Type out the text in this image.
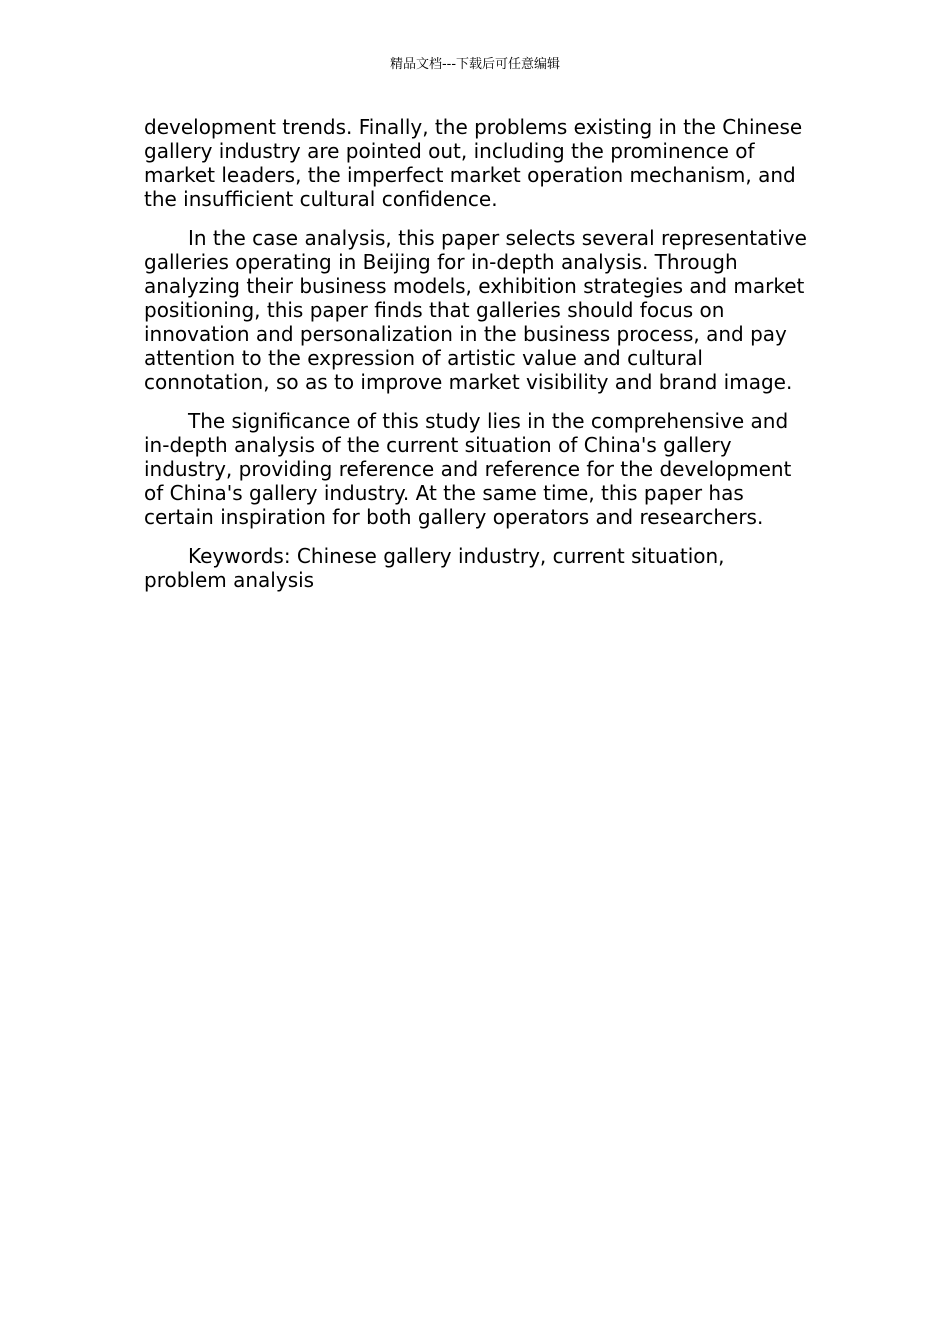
精品文档---下载后可任意编辑

development trends. Finally, the problems existing in the Chinese gallery industry are pointed out, including the prominence of market leaders, the imperfect market operation mechanism, and the insufficient cultural confidence.

In the case analysis, this paper selects several representative galleries operating in Beijing for in-depth analysis. Through analyzing their business models, exhibition strategies and market positioning, this paper finds that galleries should focus on innovation and personalization in the business process, and pay attention to the expression of artistic value and cultural connotation, so as to improve market visibility and brand image.

The significance of this study lies in the comprehensive and in-depth analysis of the current situation of China's gallery industry, providing reference and reference for the development of China's gallery industry. At the same time, this paper has certain inspiration for both gallery operators and researchers.

Keywords: Chinese gallery industry, current situation, problem analysis
